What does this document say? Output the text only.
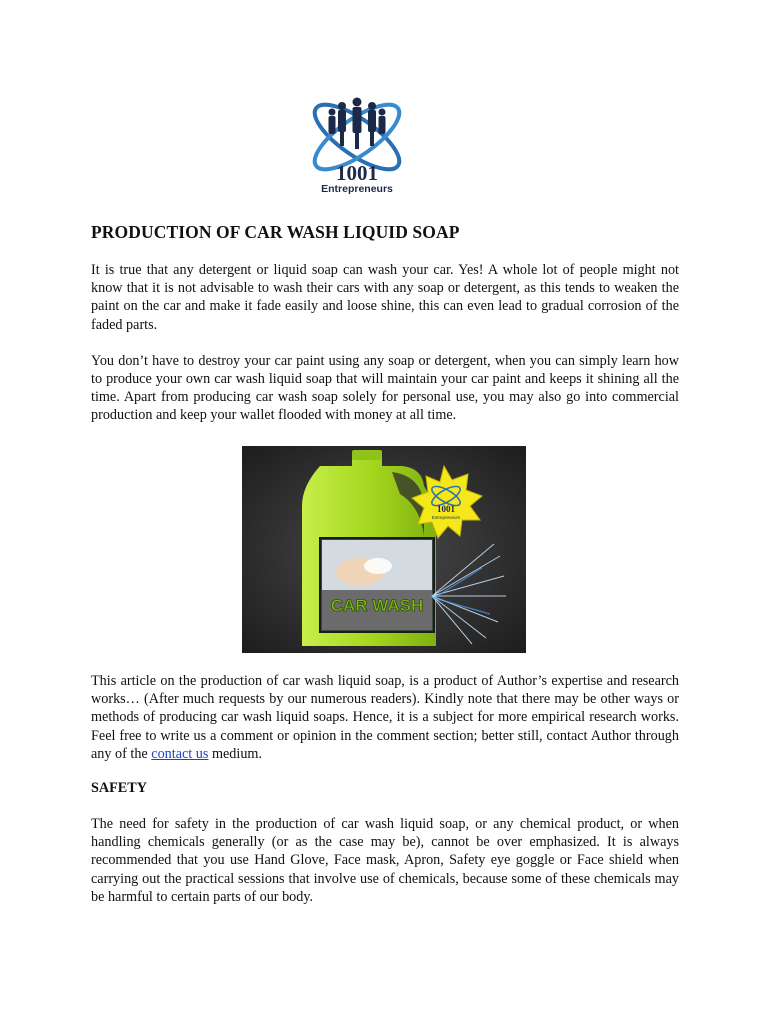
1001
Entrepreneurs
PRODUCTION OF CAR WASH LIQUID SOAP

It is true that any detergent or liquid soap can wash your car. Yes! A whole lot of people might not know that it is not advisable to wash their cars with any soap or detergent, as this tends to weaken the paint on the car and make it fade easily and loose shine, this can even lead to gradual corrosion of the faded parts.

You don’t have to destroy your car paint using any soap or detergent, when you can simply learn how to produce your own car wash liquid soap that will maintain your car paint and keeps it shining all the time. Apart from producing car wash soap solely for personal use, you may also go into commercial production and keep your wallet flooded with money at all time.

CAR WASH
1001
Entrepreneurs

This article on the production of car wash liquid soap, is a product of Author’s expertise and research works… (After much requests by our numerous readers). Kindly note that there may be other ways or methods of producing car wash liquid soaps. Hence, it is a subject for more empirical research works. Feel free to write us a comment or opinion in the comment section; better still, contact Author through any of the contact us medium.

SAFETY

The need for safety in the production of car wash liquid soap, or any chemical product, or when handling chemicals generally (or as the case may be), cannot be over emphasized. It is always recommended that you use Hand Glove, Face mask, Apron, Safety eye goggle or Face shield when carrying out the practical sessions that involve use of chemicals, because some of these chemicals may be harmful to certain parts of our body.
